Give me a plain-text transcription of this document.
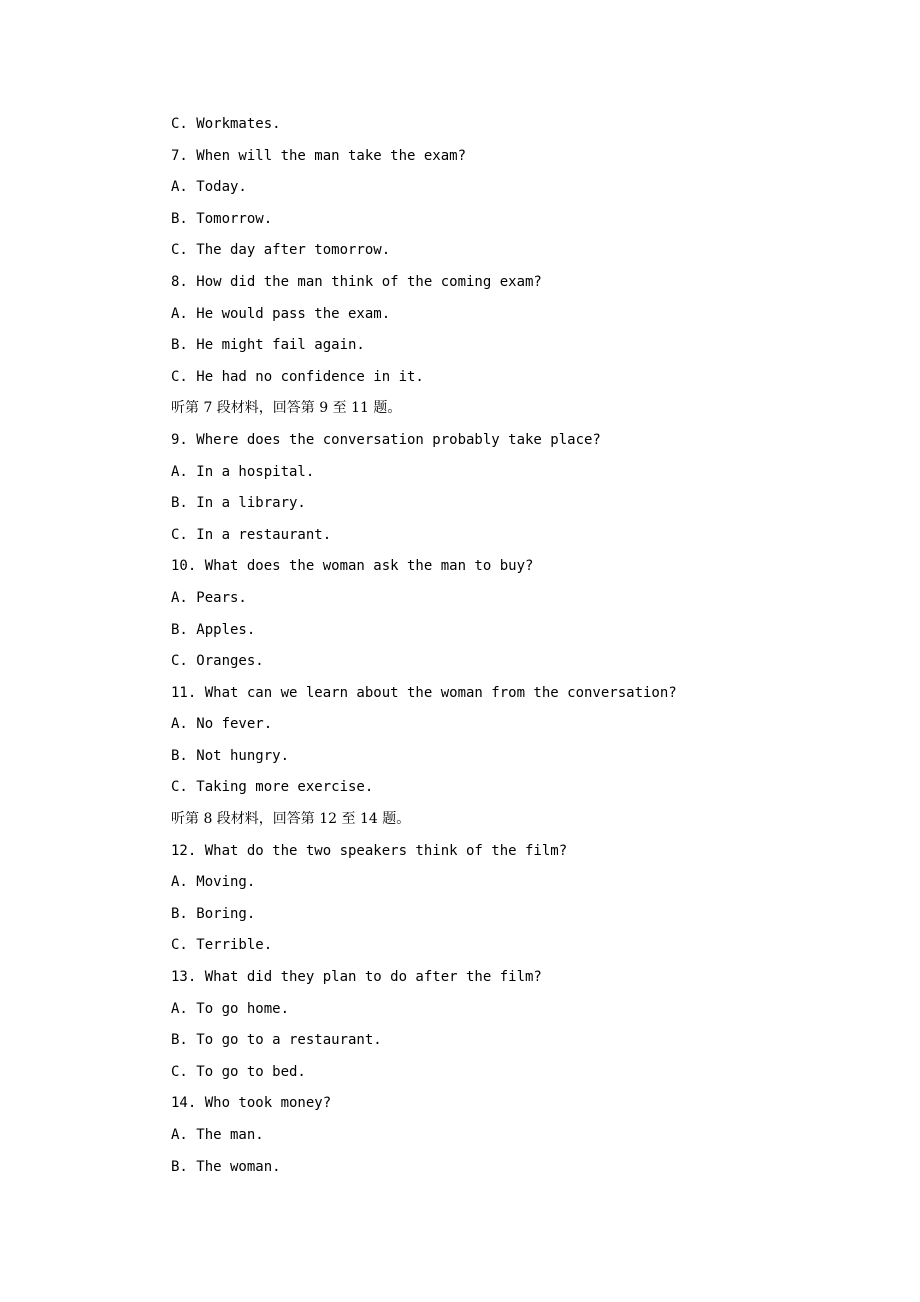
C. Workmates.
7. When will the man take the exam?
A. Today.
B. Tomorrow.
C. The day after tomorrow.
8. How did the man think of the coming exam?
A. He would pass the exam.
B. He might fail again.
C. He had no confidence in it.
听第 7 段材料，回答第 9 至 11 题。
9. Where does the conversation probably take place?
A. In a hospital.
B. In a library.
C. In a restaurant.
10. What does the woman ask the man to buy?
A. Pears.
B. Apples.
C. Oranges.
11. What can we learn about the woman from the conversation?
A. No fever.
B. Not hungry.
C. Taking more exercise.
听第 8 段材料，回答第 12 至 14 题。
12. What do the two speakers think of the film?
A. Moving.
B. Boring.
C. Terrible.
13. What did they plan to do after the film?
A. To go home.
B. To go to a restaurant.
C. To go to bed.
14. Who took money?
A. The man.
B. The woman.
